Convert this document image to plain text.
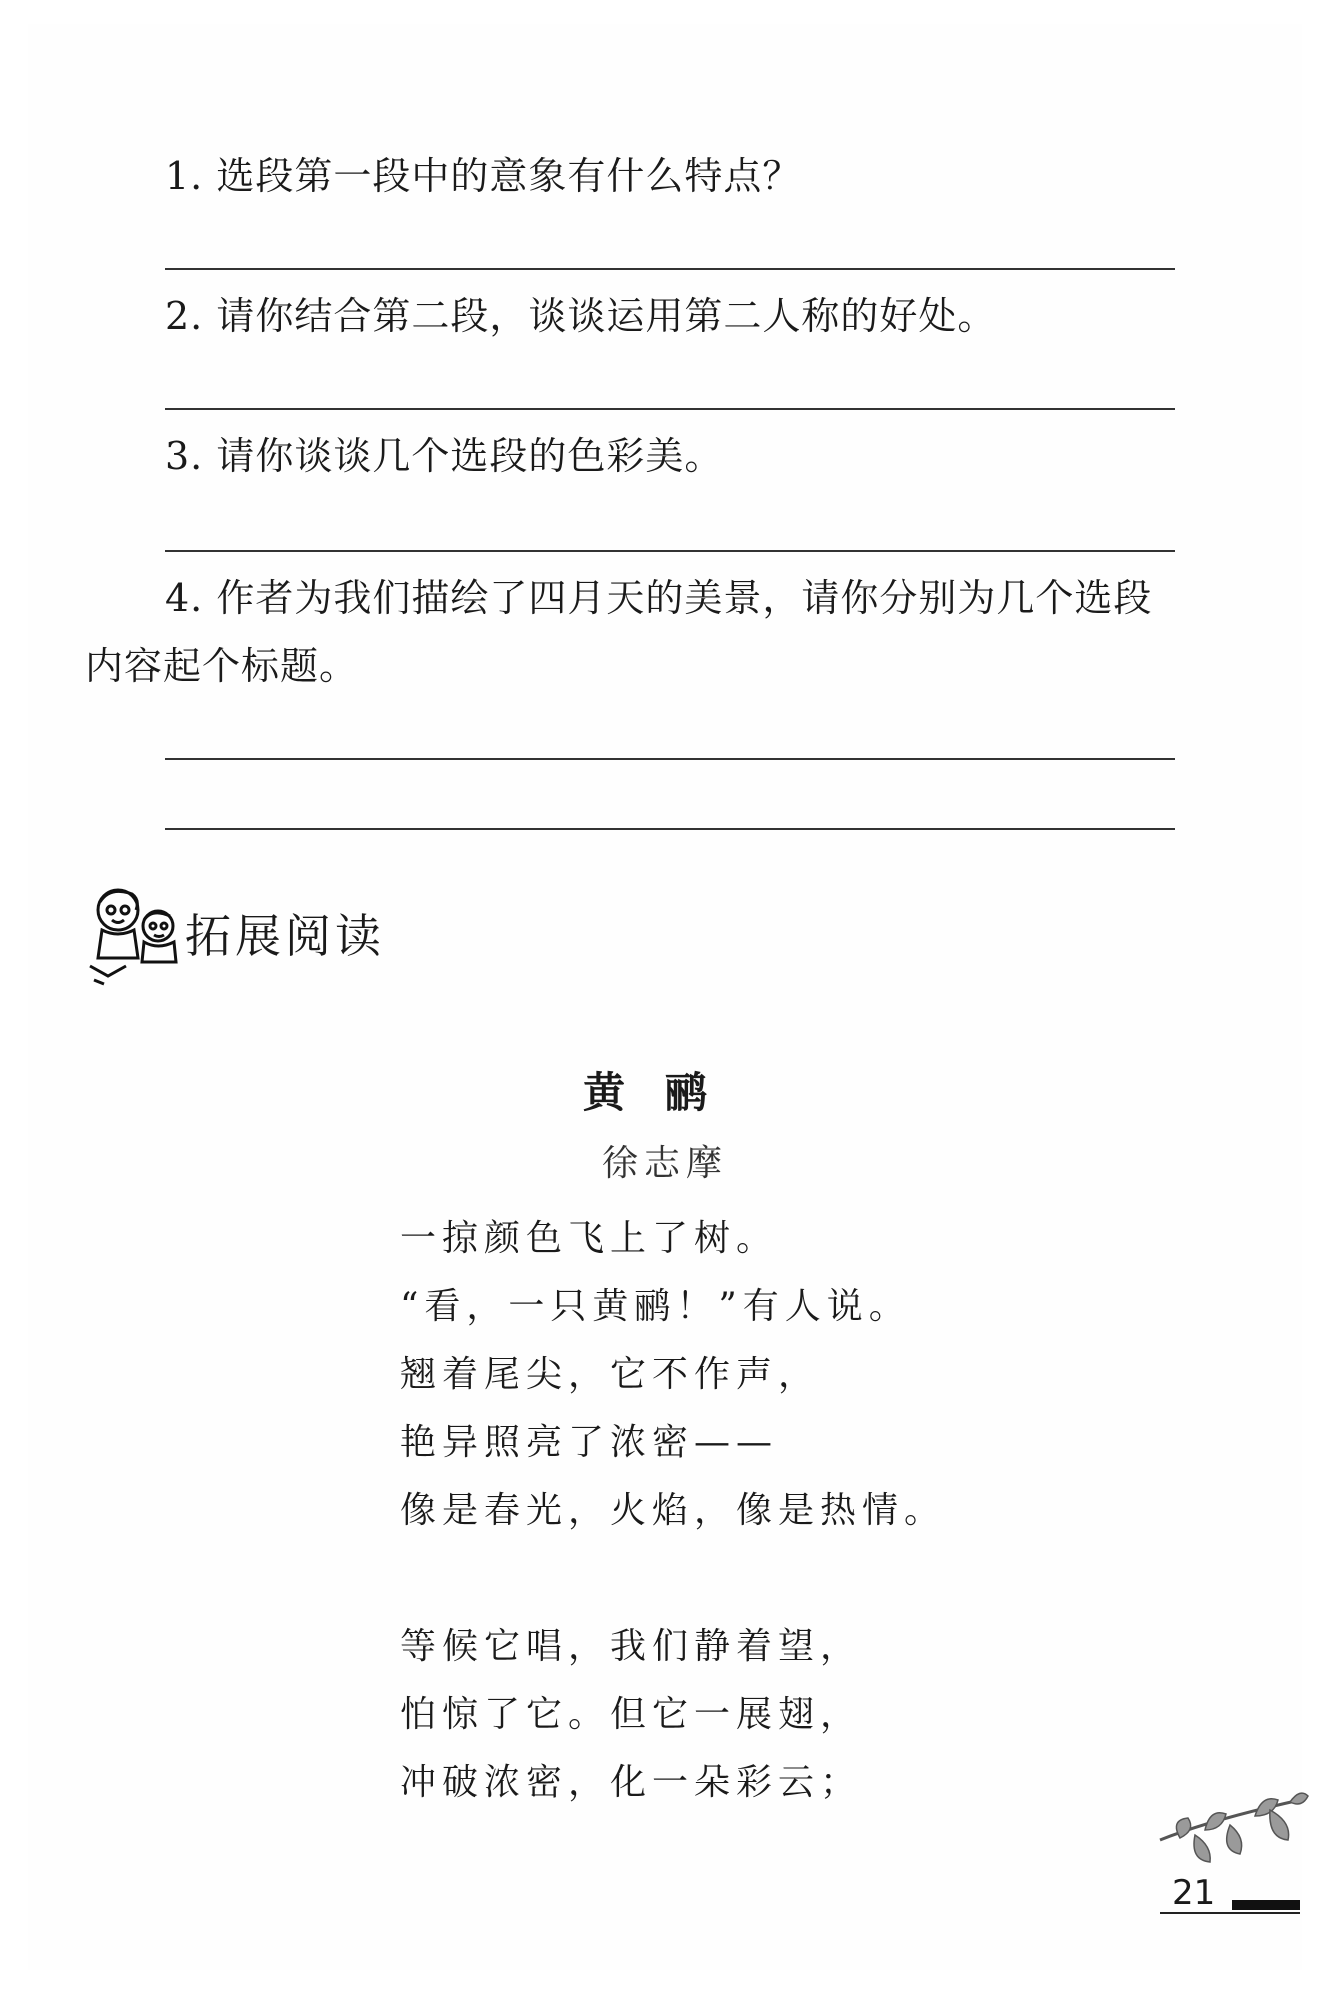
1. 选段第一段中的意象有什么特点？
2. 请你结合第二段，谈谈运用第二人称的好处。
3. 请你谈谈几个选段的色彩美。
4. 作者为我们描绘了四月天的美景，请你分别为几个选段
内容起个标题。
拓展阅读
黄鹂
徐志摩
一掠颜色飞上了树。
“看，一只黄鹂！”有人说。
翘着尾尖，它不作声，
艳异照亮了浓密——
像是春光，火焰，像是热情。
等候它唱，我们静着望，
怕惊了它。但它一展翅，
冲破浓密，化一朵彩云；
21
